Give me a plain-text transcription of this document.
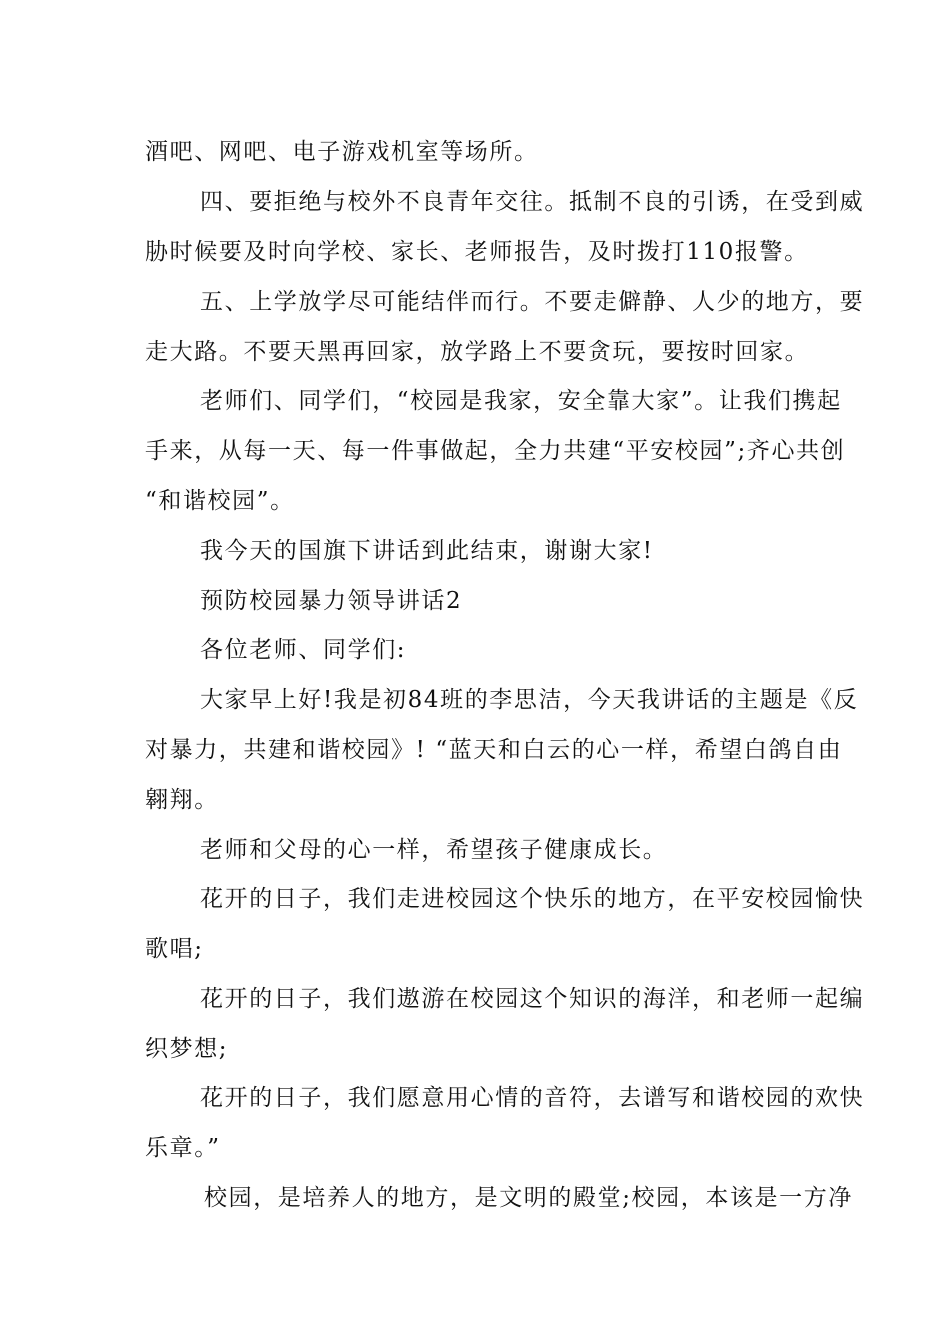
酒吧、网吧、电子游戏机室等场所。
四、要拒绝与校外不良青年交往。抵制不良的引诱，在受到威
胁时候要及时向学校、家长、老师报告，及时拨打110报警。
五、上学放学尽可能结伴而行。不要走僻静、人少的地方，要
走大路。不要天黑再回家，放学路上不要贪玩，要按时回家。
老师们、同学们，“校园是我家，安全靠大家”。让我们携起
手来，从每一天、每一件事做起，全力共建“平安校园”;齐心共创
“和谐校园”。
我今天的国旗下讲话到此结束，谢谢大家!
预防校园暴力领导讲话2
各位老师、同学们:
大家早上好!我是初84班的李思洁，今天我讲话的主题是《反
对暴力，共建和谐校园》! “蓝天和白云的心一样，希望白鸽自由
翱翔。
老师和父母的心一样，希望孩子健康成长。
花开的日子，我们走进校园这个快乐的地方，在平安校园愉快
歌唱;
花开的日子，我们遨游在校园这个知识的海洋，和老师一起编
织梦想;
花开的日子，我们愿意用心情的音符，去谱写和谐校园的欢快
乐章。”
校园，是培养人的地方，是文明的殿堂;校园，本该是一方净
